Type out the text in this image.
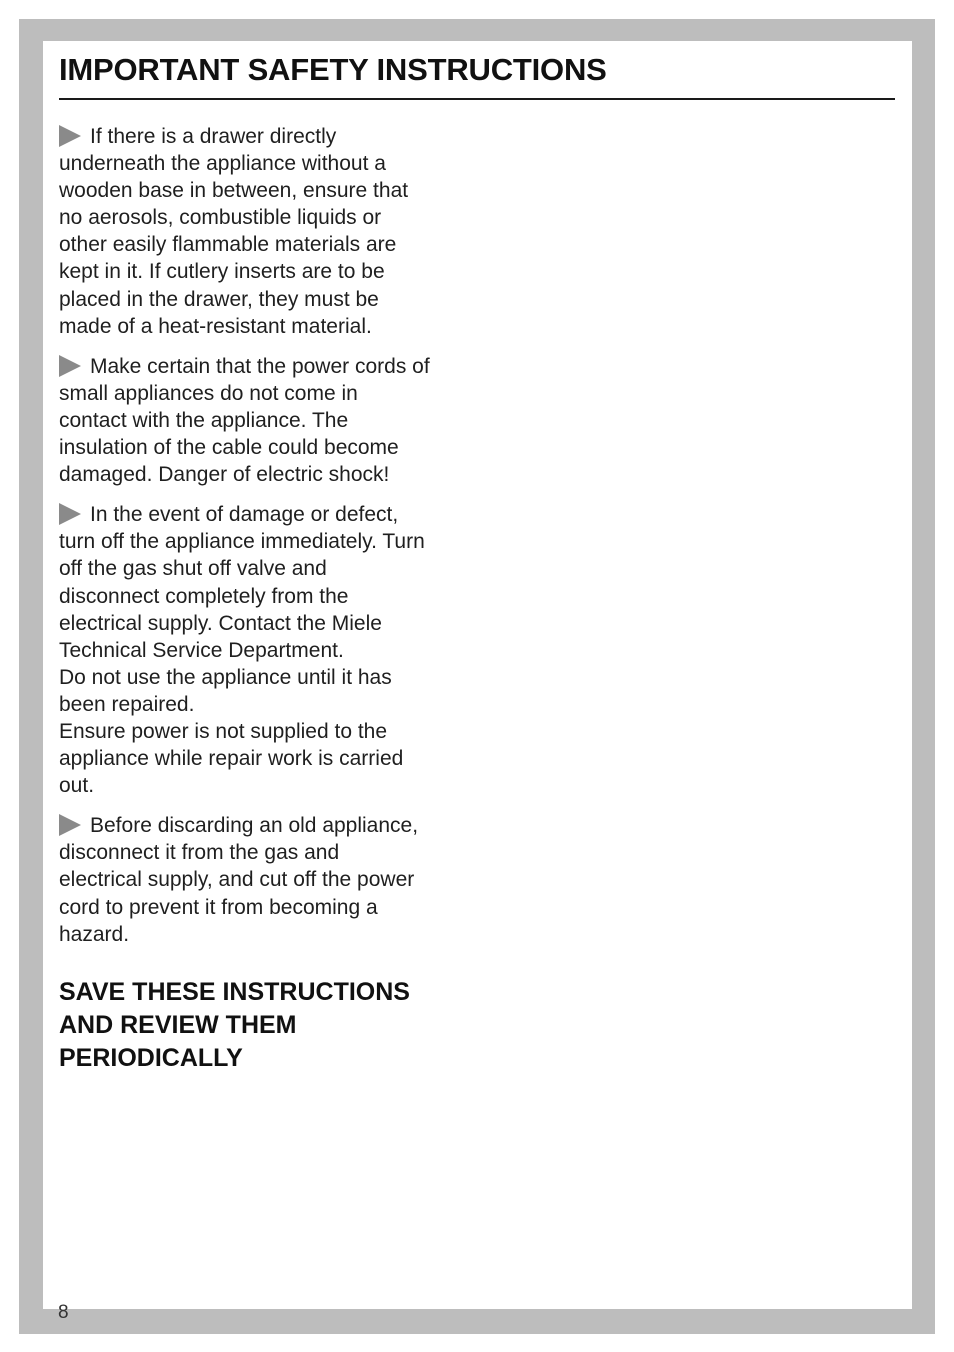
IMPORTANT SAFETY INSTRUCTIONS

If there is a drawer directly
underneath the appliance without a
wooden base in between, ensure that
no aerosols, combustible liquids or
other easily flammable materials are
kept in it. If cutlery inserts are to be
placed in the drawer, they must be
made of a heat-resistant material.

Make certain that the power cords of
small appliances do not come in
contact with the appliance. The
insulation of the cable could become
damaged. Danger of electric shock!

In the event of damage or defect,
turn off the appliance immediately. Turn
off the gas shut off valve and
disconnect completely from the
electrical supply. Contact the Miele
Technical Service Department.
Do not use the appliance until it has
been repaired.
Ensure power is not supplied to the
appliance while repair work is carried
out.

Before discarding an old appliance,
disconnect it from the gas and
electrical supply, and cut off the power
cord to prevent it from becoming a
hazard.

SAVE THESE INSTRUCTIONS
AND REVIEW THEM
PERIODICALLY
8
